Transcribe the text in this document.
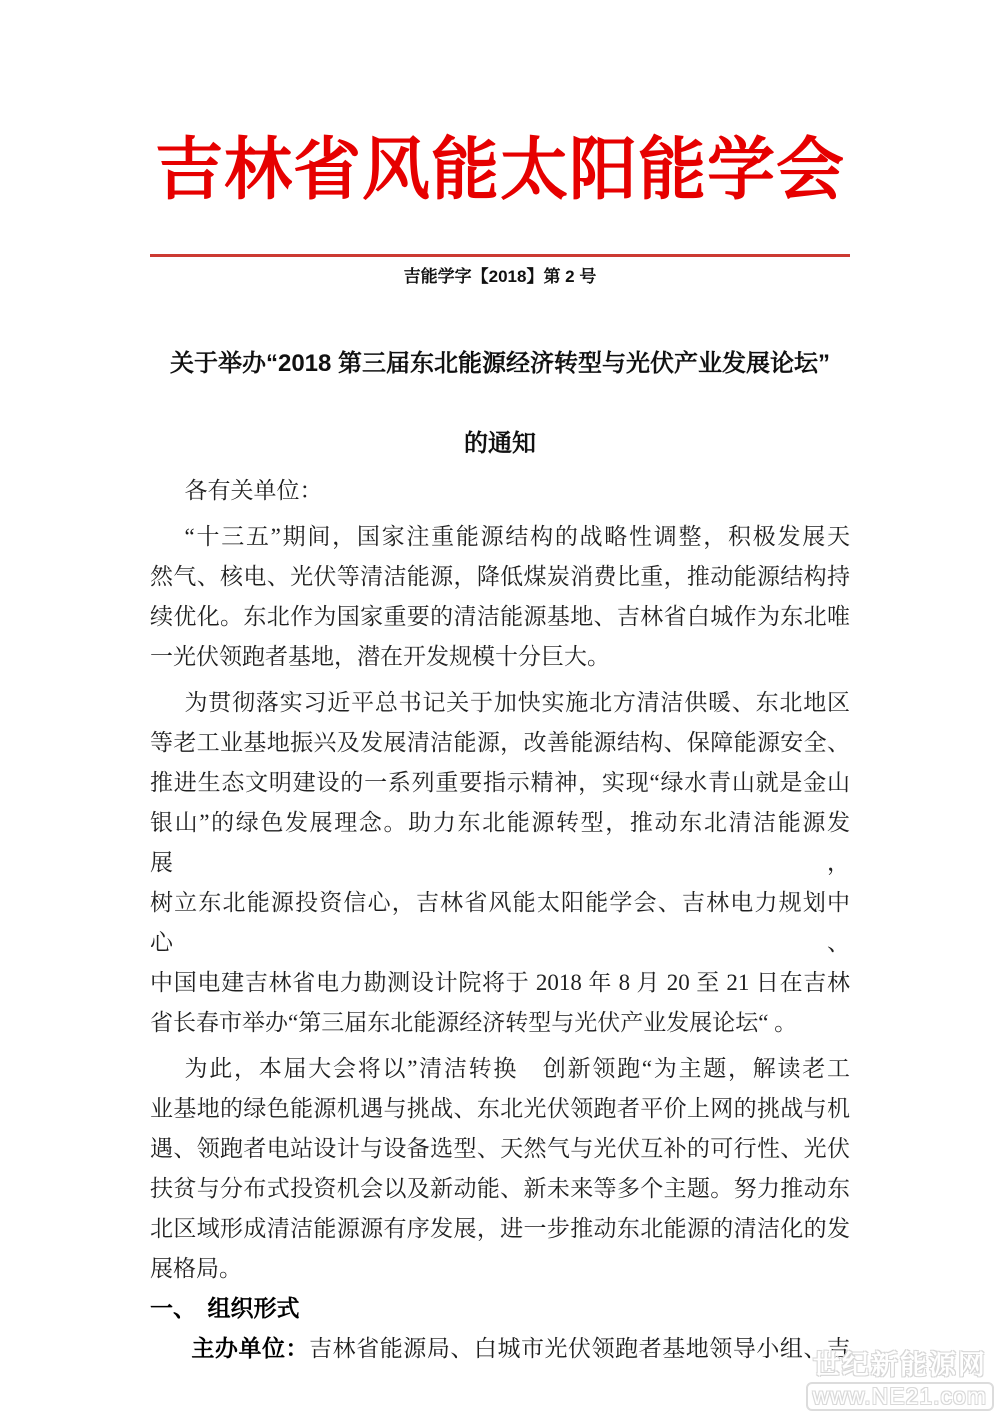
吉林省风能太阳能学会
吉能学字【2018】第 2 号
关于举办“2018 第三届东北能源经济转型与光伏产业发展论坛”
的通知
各有关单位：
“十三五”期间，国家注重能源结构的战略性调整，积极发展天
然气、核电、光伏等清洁能源，降低煤炭消费比重，推动能源结构持
续优化。东北作为国家重要的清洁能源基地、吉林省白城作为东北唯
一光伏领跑者基地，潜在开发规模十分巨大。
为贯彻落实习近平总书记关于加快实施北方清洁供暖、东北地区
等老工业基地振兴及发展清洁能源，改善能源结构、保障能源安全、
推进生态文明建设的一系列重要指示精神，实现“绿水青山就是金山
银山”的绿色发展理念。助力东北能源转型，推动东北清洁能源发展，
树立东北能源投资信心，吉林省风能太阳能学会、吉林电力规划中心、
中国电建吉林省电力勘测设计院将于 2018 年 8 月 20 至 21 日在吉林
省长春市举办“第三届东北能源经济转型与光伏产业发展论坛“ 。
为此，本届大会将以”清洁转换　创新领跑“为主题，解读老工
业基地的绿色能源机遇与挑战、东北光伏领跑者平价上网的挑战与机
遇、领跑者电站设计与设备选型、天然气与光伏互补的可行性、光伏
扶贫与分布式投资机会以及新动能、新未来等多个主题。努力推动东
北区域形成清洁能源源有序发展，进一步推动东北能源的清洁化的发
展格局。
一、　组织形式
主办单位：吉林省能源局、白城市光伏领跑者基地领导小组、吉
世纪新能源网
www.NE21.com
